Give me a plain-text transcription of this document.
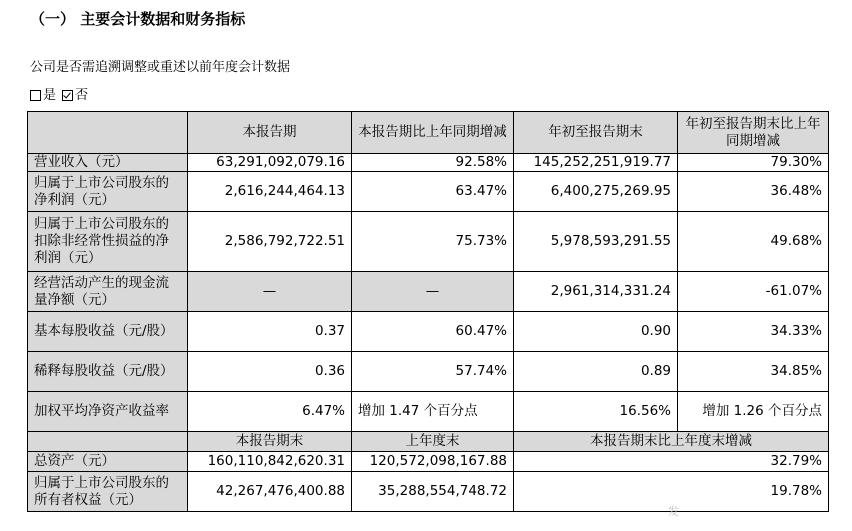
（一） 主要会计数据和财务指标
公司是否需追溯调整或重述以前年度会计数据
是 否
	本报告期	本报告期比上年同期增减	年初至报告期末	年初至报告期末比上年同期增减
营业收入（元）	63,291,092,079.16	92.58%	145,252,251,919.77	79.30%
归属于上市公司股东的净利润（元）	2,616,244,464.13	63.47%	6,400,275,269.95	36.48%
归属于上市公司股东的扣除非经常性损益的净利润（元）	2,586,792,722.51	75.73%	5,978,593,291.55	49.68%
经营活动产生的现金流量净额（元）	—	—	2,961,314,331.24	-61.07%
基本每股收益（元/股）	0.37	60.47%	0.90	34.33%
稀释每股收益（元/股）	0.36	57.74%	0.89	34.85%
加权平均净资产收益率	6.47%	增加 1.47 个百分点	16.56%	增加 1.26 个百分点
	本报告期末	上年度末	本报告期末比上年度末增减	
总资产（元）	160,110,842,620.31	120,572,098,167.88	32.79%	
归属于上市公司股东的所有者权益（元）	42,267,476,400.88	35,288,554,748.72	19.78%	
发
